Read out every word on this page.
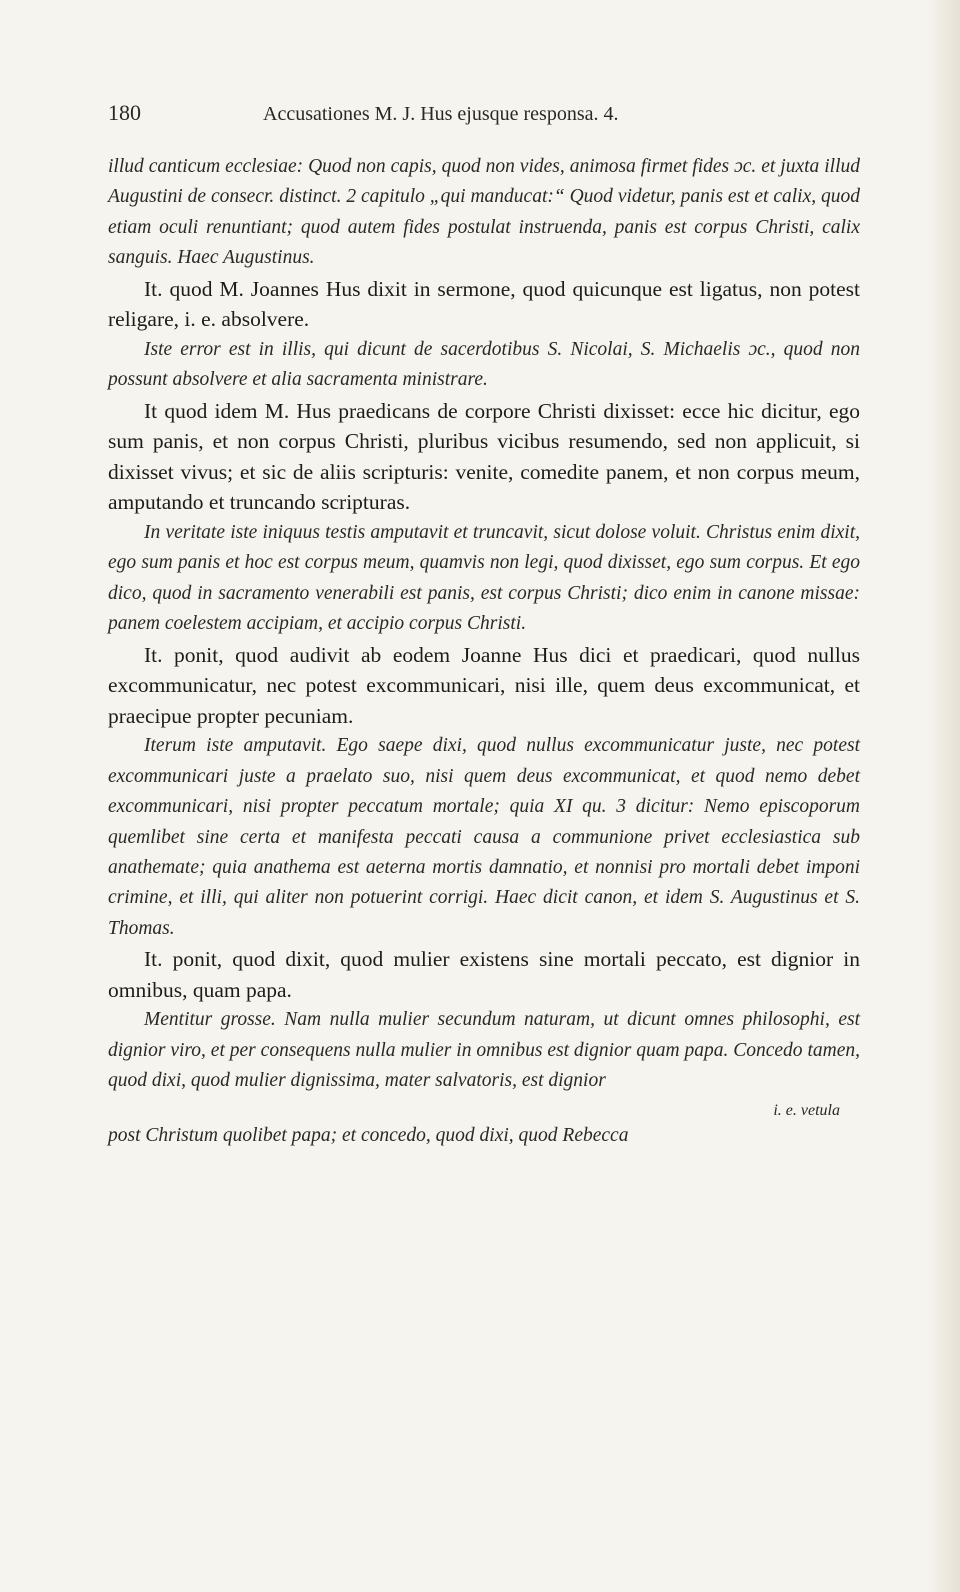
180	Accusationes M. J. Hus ejusque responsa. 4.

illud canticum ecclesiae: Quod non capis, quod non vides, animosa firmet fides ɔc. et juxta illud Augustini de consecr. distinct. 2 capitulo „qui manducat:“ Quod videtur, panis est et calix, quod etiam oculi renuntiant; quod autem fides postulat instruenda, panis est corpus Christi, calix sanguis. Haec Augustinus.

It. quod M. Joannes Hus dixit in sermone, quod quicunque est ligatus, non potest religare, i. e. absolvere.

Iste error est in illis, qui dicunt de sacerdotibus S. Nicolai, S. Michaelis ɔc., quod non possunt absolvere et alia sacramenta ministrare.

It quod idem M. Hus praedicans de corpore Christi dixisset: ecce hic dicitur, ego sum panis, et non corpus Christi, pluribus vicibus resumendo, sed non applicuit, si dixisset vivus; et sic de aliis scripturis: venite, comedite panem, et non corpus meum, amputando et truncando scripturas.

In veritate iste iniquus testis amputavit et truncavit, sicut dolose voluit. Christus enim dixit, ego sum panis et hoc est corpus meum, quamvis non legi, quod dixisset, ego sum corpus. Et ego dico, quod in sacramento venerabili est panis, est corpus Christi; dico enim in canone missae: panem coelestem accipiam, et accipio corpus Christi.

It. ponit, quod audivit ab eodem Joanne Hus dici et praedicari, quod nullus excommunicatur, nec potest excommunicari, nisi ille, quem deus excommunicat, et praecipue propter pecuniam.

Iterum iste amputavit. Ego saepe dixi, quod nullus excommunicatur juste, nec potest excommunicari juste a praelato suo, nisi quem deus excommunicat, et quod nemo debet excommunicari, nisi propter peccatum mortale; quia XI qu. 3 dicitur: Nemo episcoporum quemlibet sine certa et manifesta peccati causa a communione privet ecclesiastica sub anathemate; quia anathema est aeterna mortis damnatio, et nonnisi pro mortali debet imponi crimine, et illi, qui aliter non potuerint corrigi. Haec dicit canon, et idem S. Augustinus et S. Thomas.

It. ponit, quod dixit, quod mulier existens sine mortali peccato, est dignior in omnibus, quam papa.

Mentitur grosse. Nam nulla mulier secundum naturam, ut dicunt omnes philosophi, est dignior viro, et per consequens nulla mulier in omnibus est dignior quam papa. Concedo tamen, quod dixi, quod mulier dignissima, mater salvatoris, est dignior

i. e. vetula

post Christum quolibet papa; et concedo, quod dixi, quod Rebecca
